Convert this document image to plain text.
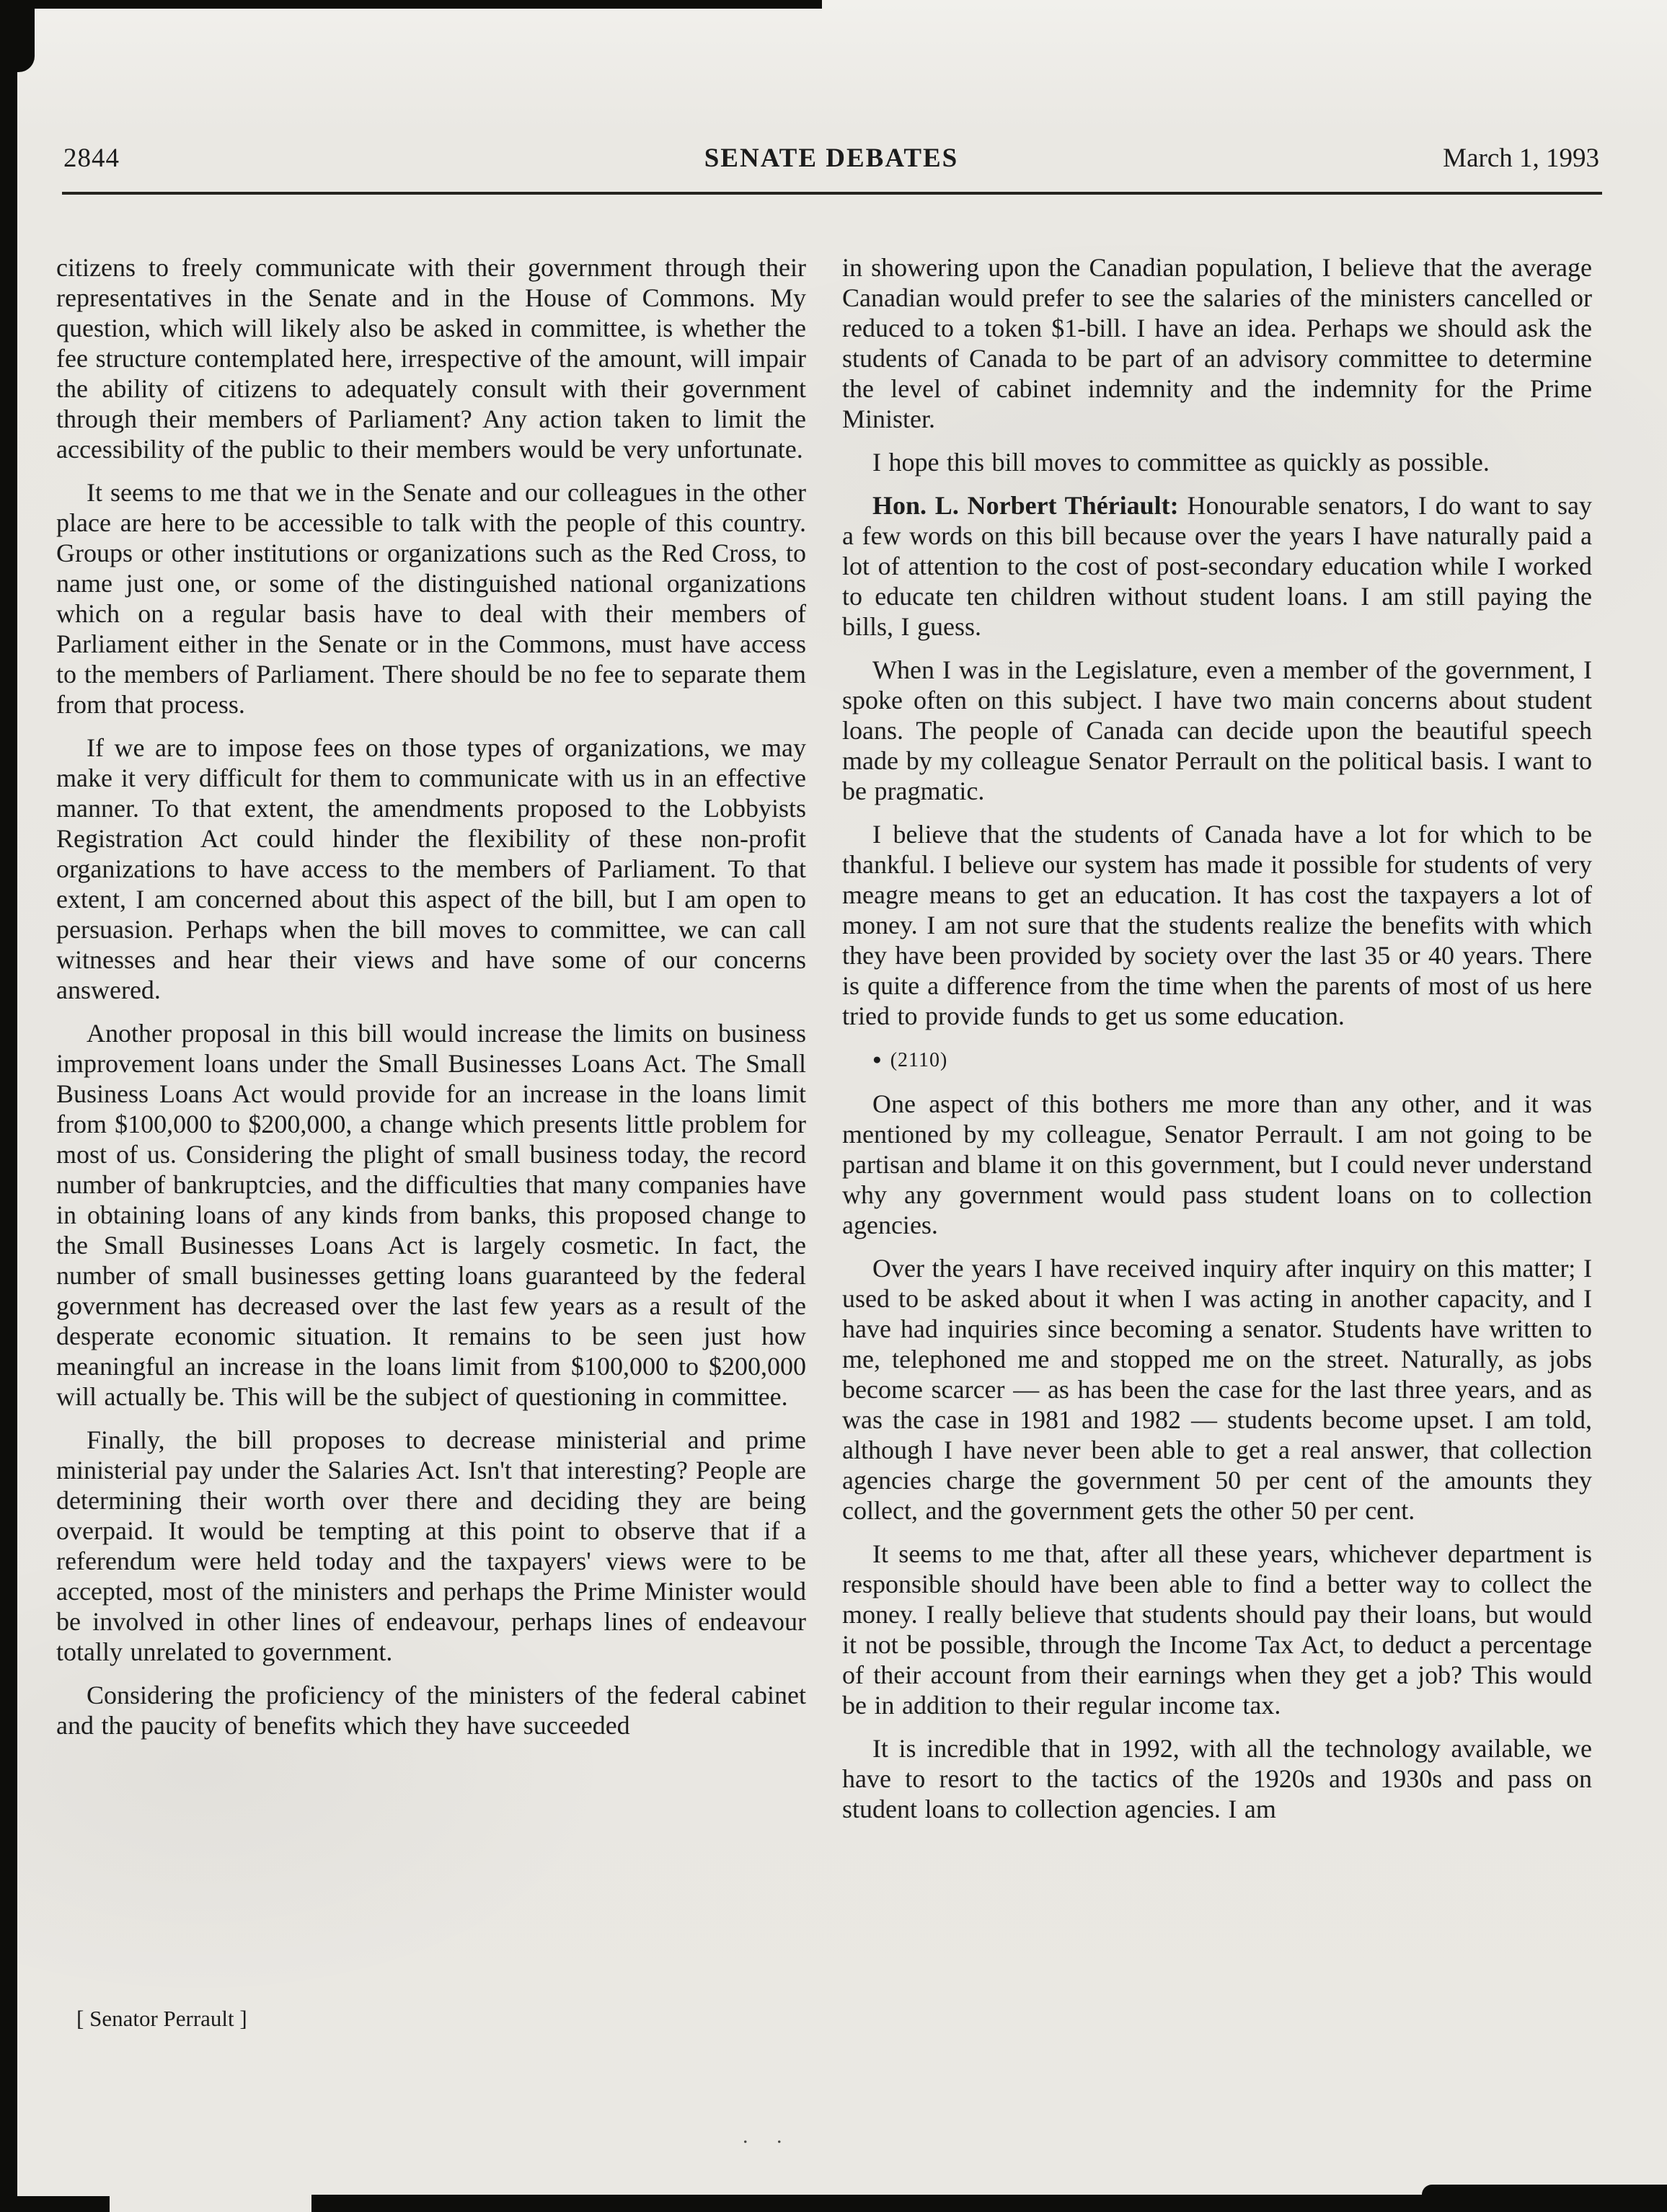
2844	SENATE DEBATES	March 1, 1993

citizens to freely communicate with their government through their representatives in the Senate and in the House of Commons. My question, which will likely also be asked in committee, is whether the fee structure contemplated here, irrespective of the amount, will impair the ability of citizens to adequately consult with their government through their members of Parliament? Any action taken to limit the accessibility of the public to their members would be very unfortunate.

It seems to me that we in the Senate and our colleagues in the other place are here to be accessible to talk with the people of this country. Groups or other institutions or organizations such as the Red Cross, to name just one, or some of the distinguished national organizations which on a regular basis have to deal with their members of Parliament either in the Senate or in the Commons, must have access to the members of Parliament. There should be no fee to separate them from that process.

If we are to impose fees on those types of organizations, we may make it very difficult for them to communicate with us in an effective manner. To that extent, the amendments proposed to the Lobbyists Registration Act could hinder the flexibility of these non-profit organizations to have access to the members of Parliament. To that extent, I am concerned about this aspect of the bill, but I am open to persuasion. Perhaps when the bill moves to committee, we can call witnesses and hear their views and have some of our concerns answered.

Another proposal in this bill would increase the limits on business improvement loans under the Small Businesses Loans Act. The Small Business Loans Act would provide for an increase in the loans limit from $100,000 to $200,000, a change which presents little problem for most of us. Considering the plight of small business today, the record number of bankruptcies, and the difficulties that many companies have in obtaining loans of any kinds from banks, this proposed change to the Small Businesses Loans Act is largely cosmetic. In fact, the number of small businesses getting loans guaranteed by the federal government has decreased over the last few years as a result of the desperate economic situation. It remains to be seen just how meaningful an increase in the loans limit from $100,000 to $200,000 will actually be. This will be the subject of questioning in committee.

Finally, the bill proposes to decrease ministerial and prime ministerial pay under the Salaries Act. Isn't that interesting? People are determining their worth over there and deciding they are being overpaid. It would be tempting at this point to observe that if a referendum were held today and the taxpayers' views were to be accepted, most of the ministers and perhaps the Prime Minister would be involved in other lines of endeavour, perhaps lines of endeavour totally unrelated to government.

Considering the proficiency of the ministers of the federal cabinet and the paucity of benefits which they have succeeded

in showering upon the Canadian population, I believe that the average Canadian would prefer to see the salaries of the ministers cancelled or reduced to a token $1-bill. I have an idea. Perhaps we should ask the students of Canada to be part of an advisory committee to determine the level of cabinet indemnity and the indemnity for the Prime Minister.

I hope this bill moves to committee as quickly as possible.

Hon. L. Norbert Thériault: Honourable senators, I do want to say a few words on this bill because over the years I have naturally paid a lot of attention to the cost of post-secondary education while I worked to educate ten children without student loans. I am still paying the bills, I guess.

When I was in the Legislature, even a member of the government, I spoke often on this subject. I have two main concerns about student loans. The people of Canada can decide upon the beautiful speech made by my colleague Senator Perrault on the political basis. I want to be pragmatic.

I believe that the students of Canada have a lot for which to be thankful. I believe our system has made it possible for students of very meagre means to get an education. It has cost the taxpayers a lot of money. I am not sure that the students realize the benefits with which they have been provided by society over the last 35 or 40 years. There is quite a difference from the time when the parents of most of us here tried to provide funds to get us some education.

● (2110)

One aspect of this bothers me more than any other, and it was mentioned by my colleague, Senator Perrault. I am not going to be partisan and blame it on this government, but I could never understand why any government would pass student loans on to collection agencies.

Over the years I have received inquiry after inquiry on this matter; I used to be asked about it when I was acting in another capacity, and I have had inquiries since becoming a senator. Students have written to me, telephoned me and stopped me on the street. Naturally, as jobs become scarcer — as has been the case for the last three years, and as was the case in 1981 and 1982 — students become upset. I am told, although I have never been able to get a real answer, that collection agencies charge the government 50 per cent of the amounts they collect, and the government gets the other 50 per cent.

It seems to me that, after all these years, whichever department is responsible should have been able to find a better way to collect the money. I really believe that students should pay their loans, but would it not be possible, through the Income Tax Act, to deduct a percentage of their account from their earnings when they get a job? This would be in addition to their regular income tax.

It is incredible that in 1992, with all the technology available, we have to resort to the tactics of the 1920s and 1930s and pass on student loans to collection agencies. I am

[ Senator Perrault ]
. .
